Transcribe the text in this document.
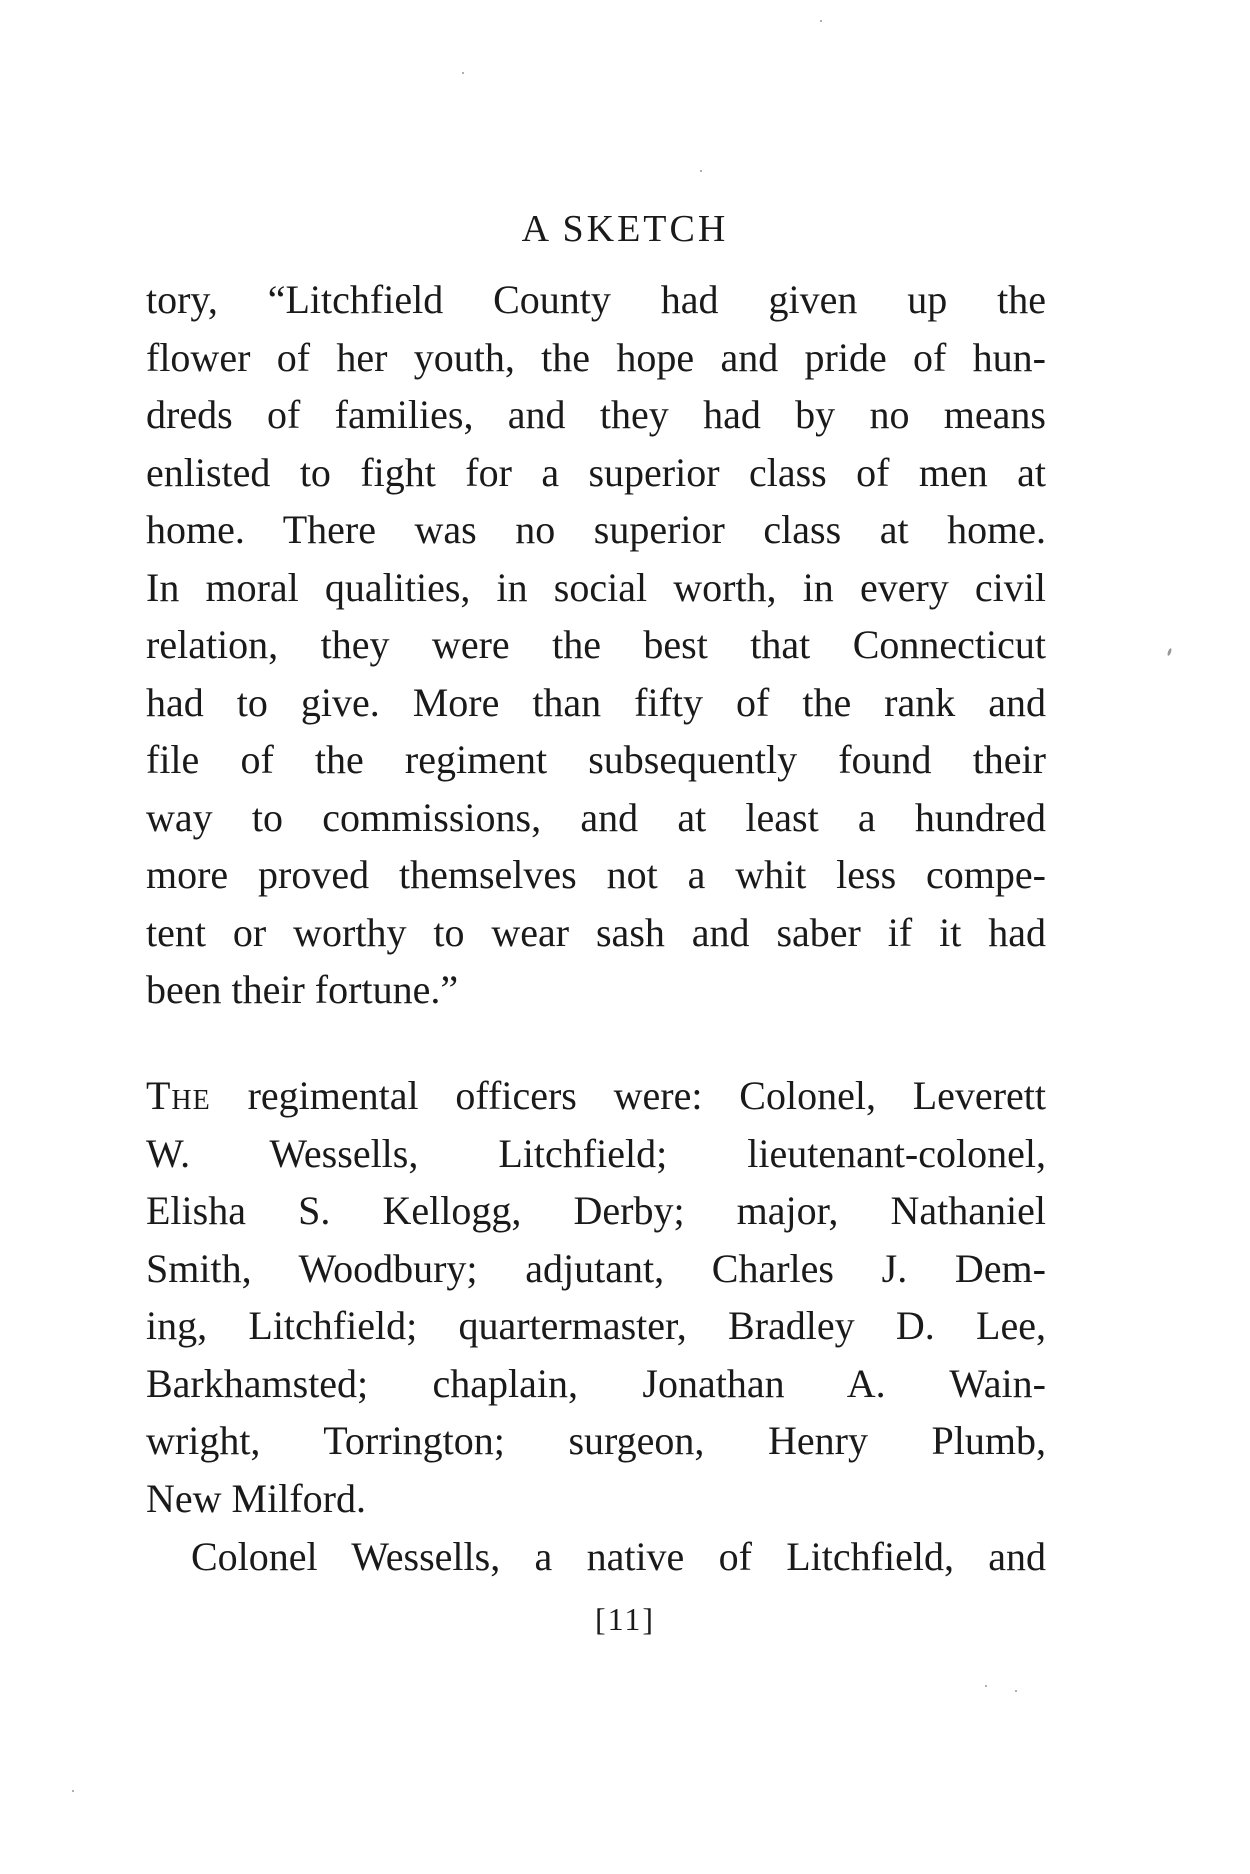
A SKETCH
tory, “Litchfield County had given up the
flower of her youth, the hope and pride of hun-
dreds of families, and they had by no means
enlisted to fight for a superior class of men at
home. There was no superior class at home.
In moral qualities, in social worth, in every civil
relation, they were the best that Connecticut
had to give. More than fifty of the rank and
file of the regiment subsequently found their
way to commissions, and at least a hundred
more proved themselves not a whit less compe-
tent or worthy to wear sash and saber if it had
been their fortune.”
The regimental officers were: Colonel, Leverett
W. Wessells, Litchfield; lieutenant-colonel,
Elisha S. Kellogg, Derby; major, Nathaniel
Smith, Woodbury; adjutant, Charles J. Dem-
ing, Litchfield; quartermaster, Bradley D. Lee,
Barkhamsted; chaplain, Jonathan A. Wain-
wright, Torrington; surgeon, Henry Plumb,
New Milford.
Colonel Wessells, a native of Litchfield, and
[11]
